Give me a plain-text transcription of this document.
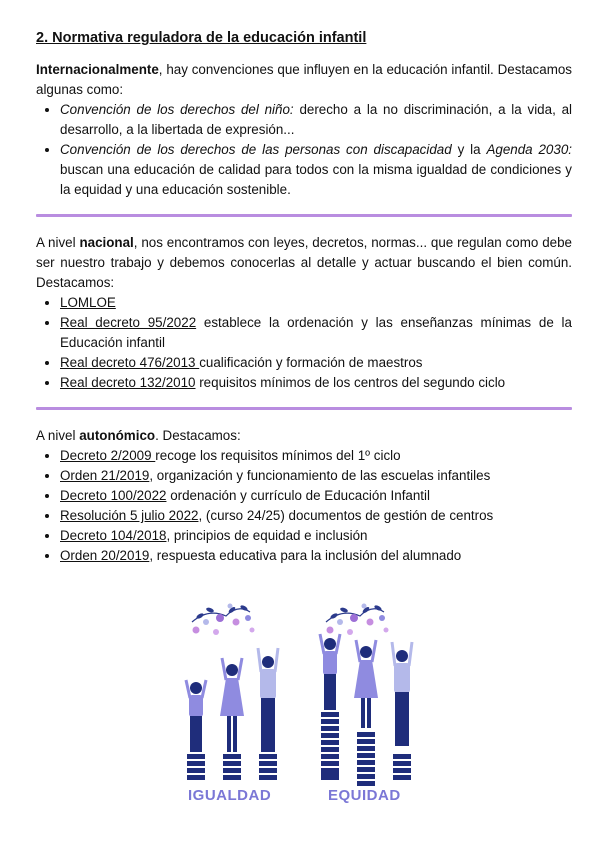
2. Normativa reguladora de la educación infantil

Internacionalmente, hay convenciones que influyen en la educación infantil. Destacamos algunas como:

• Convención de los derechos del niño: derecho a la no discriminación, a la vida, al desarrollo, a la libertada de expresión...
• Convención de los derechos de las personas con discapacidad y la Agenda 2030: buscan una educación de calidad para todos con la misma igualdad de condiciones y la equidad y una educación sostenible.

A nivel nacional, nos encontramos con leyes, decretos, normas... que regulan como debe ser nuestro trabajo y debemos conocerlas al detalle y actuar buscando el bien común. Destacamos:

• LOMLOE
• Real decreto 95/2022 establece la ordenación y las enseñanzas mínimas de la Educación infantil
• Real decreto 476/2013 cualificación y formación de maestros
• Real decreto 132/2010 requisitos mínimos de los centros del segundo ciclo

A nivel autonómico. Destacamos:

• Decreto 2/2009 recoge los requisitos mínimos del 1º ciclo
• Orden 21/2019, organización y funcionamiento de las escuelas infantiles
• Decreto 100/2022 ordenación y currículo de Educación Infantil
• Resolución 5 julio 2022, (curso 24/25) documentos de gestión de centros
• Decreto 104/2018, principios de equidad e inclusión
• Orden 20/2019, respuesta educativa para la inclusión del alumnado
IGUALDAD	EQUIDAD
